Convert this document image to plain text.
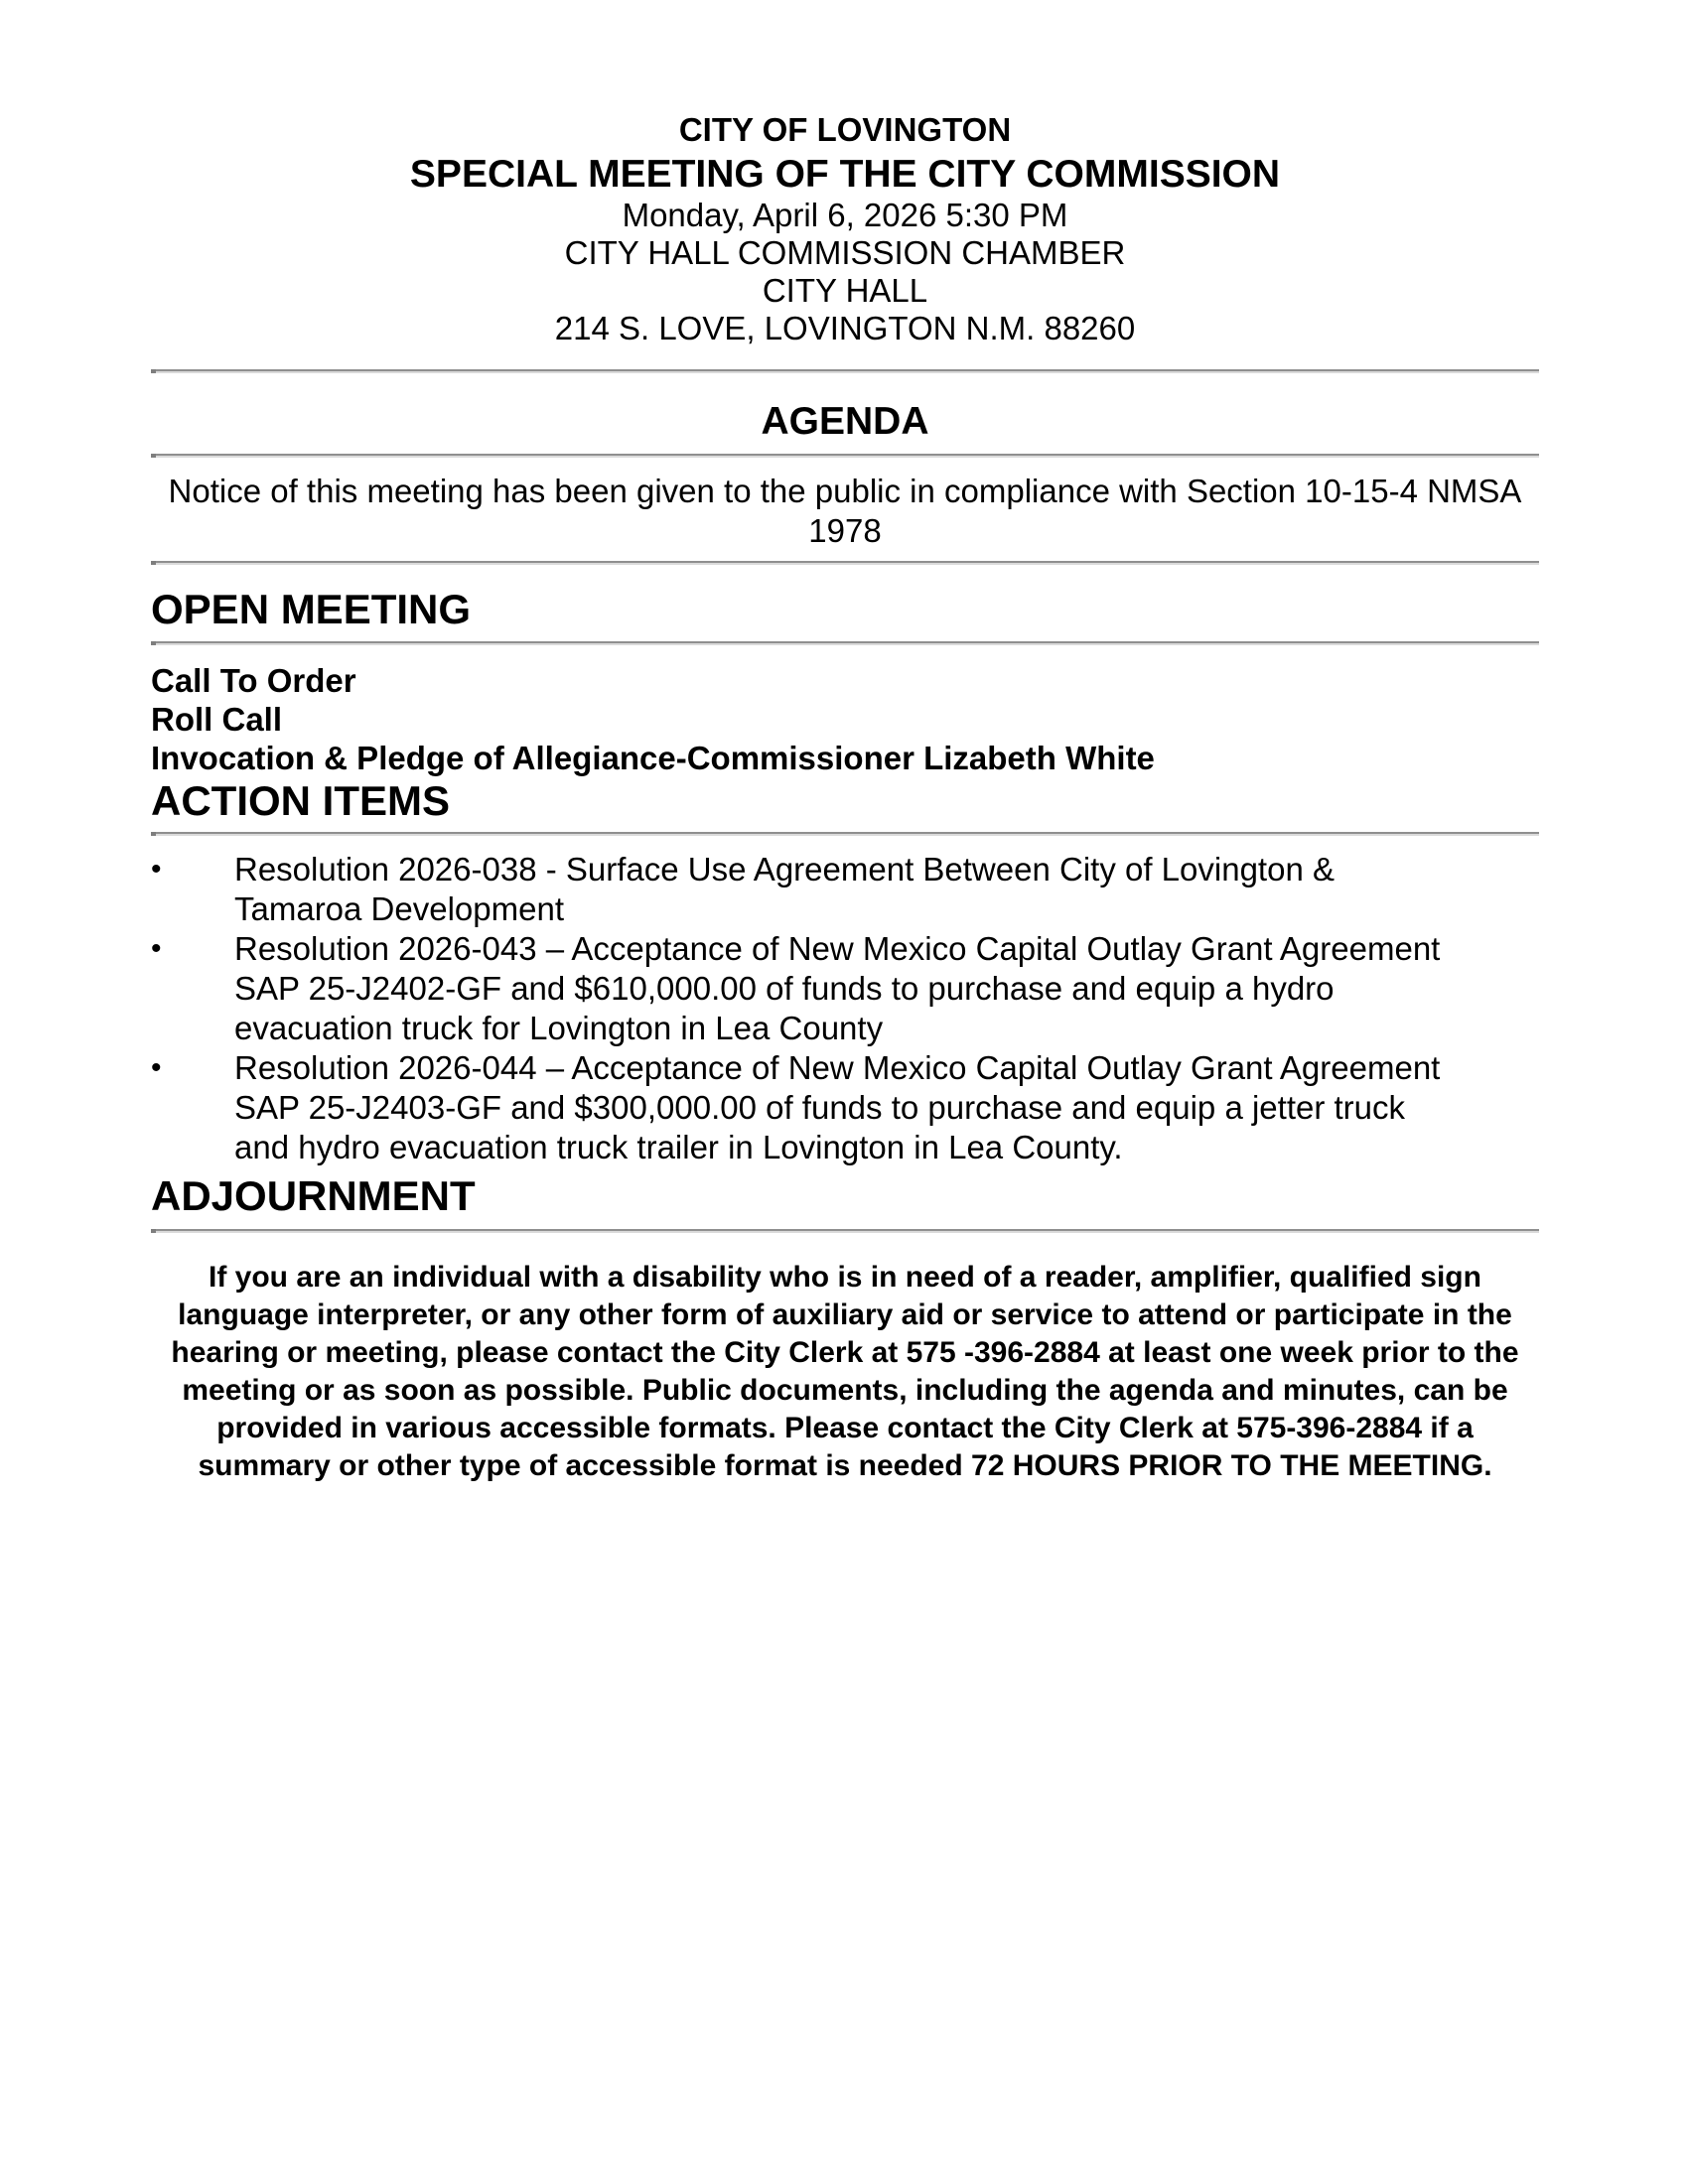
CITY OF LOVINGTON
SPECIAL MEETING OF THE CITY COMMISSION
Monday, April 6, 2026 5:30 PM
CITY HALL COMMISSION CHAMBER
CITY HALL
214 S. LOVE, LOVINGTON N.M. 88260
AGENDA
Notice of this meeting has been given to the public in compliance with Section 10-15-4 NMSA 1978
OPEN MEETING
Call To Order
Roll Call
Invocation & Pledge of Allegiance-Commissioner Lizabeth White
ACTION ITEMS
•	Resolution 2026-038 - Surface Use Agreement Between City of Lovington & Tamaroa Development
•	Resolution 2026-043 – Acceptance of New Mexico Capital Outlay Grant Agreement SAP 25-J2402-GF and $610,000.00 of funds to purchase and equip a hydro evacuation truck for Lovington in Lea County
•	Resolution 2026-044 – Acceptance of New Mexico Capital Outlay Grant Agreement SAP 25-J2403-GF and $300,000.00 of funds to purchase and equip a jetter truck and hydro evacuation truck trailer in Lovington in Lea County.
ADJOURNMENT
If you are an individual with a disability who is in need of a reader, amplifier, qualified sign language interpreter, or any other form of auxiliary aid or service to attend or participate in the hearing or meeting, please contact the City Clerk at 575 -396-2884 at least one week prior to the meeting or as soon as possible. Public documents, including the agenda and minutes, can be provided in various accessible formats. Please contact the City Clerk at 575-396-2884 if a summary or other type of accessible format is needed 72 HOURS PRIOR TO THE MEETING.
